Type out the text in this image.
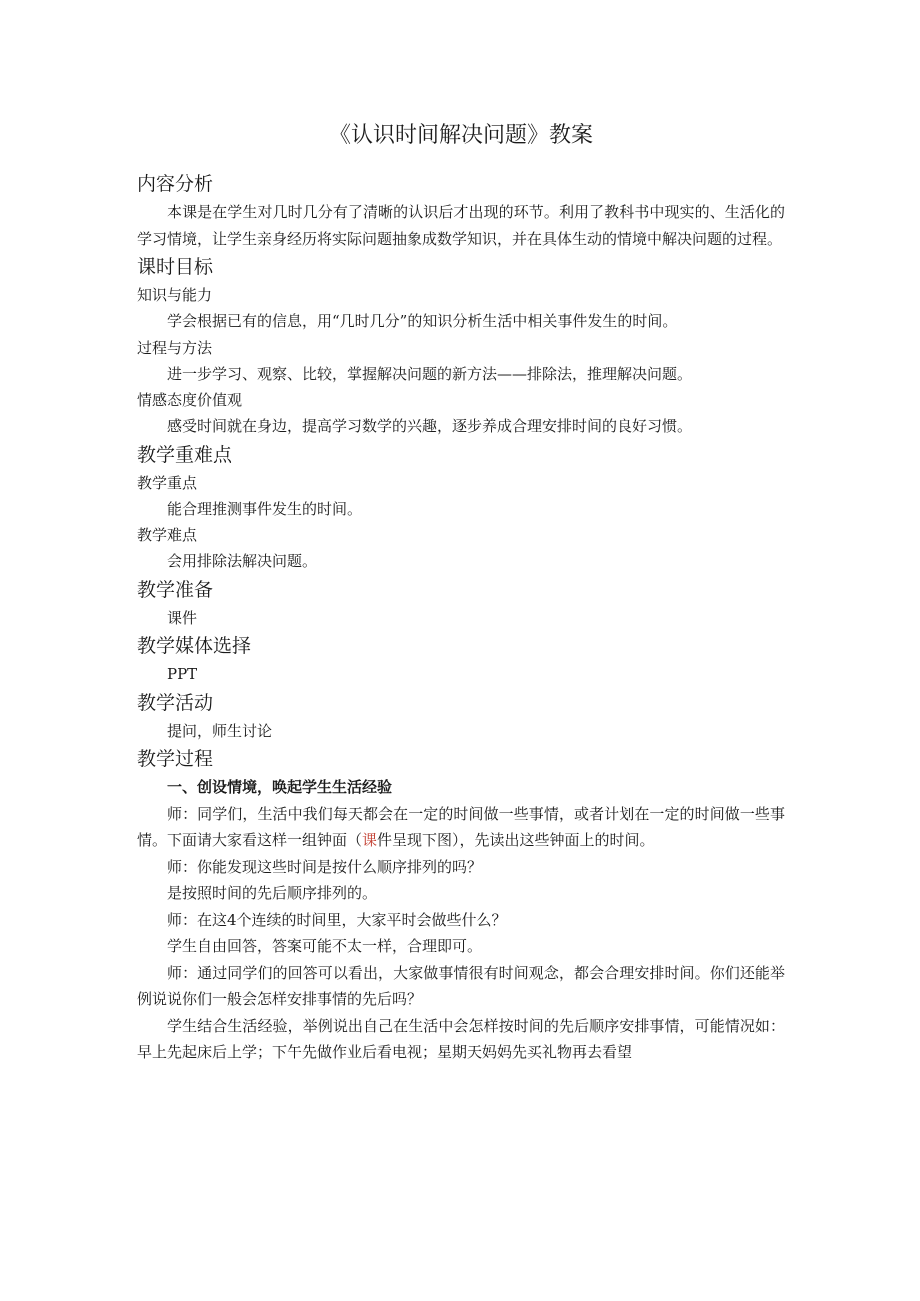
《认识时间解决问题》教案
内容分析

本课是在学生对几时几分有了清晰的认识后才出现的环节。利用了教科书中现实的、生活化的学习情境，让学生亲身经历将实际问题抽象成数学知识，并在具体生动的情境中解决问题的过程。

课时目标
知识与能力

学会根据已有的信息，用“几时几分”的知识分析生活中相关事件发生的时间。

过程与方法

进一步学习、观察、比较，掌握解决问题的新方法——排除法，推理解决问题。

情感态度价值观

感受时间就在身边，提高学习数学的兴趣，逐步养成合理安排时间的良好习惯。

教学重难点
教学重点

能合理推测事件发生的时间。

教学难点

会用排除法解决问题。

教学准备

课件

教学媒体选择

PPT

教学活动

提问，师生讨论

教学过程

一、创设情境，唤起学生生活经验

师：同学们，生活中我们每天都会在一定的时间做一些事情，或者计划在一定的时间做一些事情。下面请大家看这样一组钟面（课件呈现下图），先读出这些钟面上的时间。

师：你能发现这些时间是按什么顺序排列的吗？

是按照时间的先后顺序排列的。

师：在这4个连续的时间里，大家平时会做些什么？

学生自由回答，答案可能不太一样，合理即可。

师：通过同学们的回答可以看出，大家做事情很有时间观念，都会合理安排时间。你们还能举例说说你们一般会怎样安排事情的先后吗？

学生结合生活经验，举例说出自己在生活中会怎样按时间的先后顺序安排事情，可能情况如：早上先起床后上学；下午先做作业后看电视；星期天妈妈先买礼物再去看望
